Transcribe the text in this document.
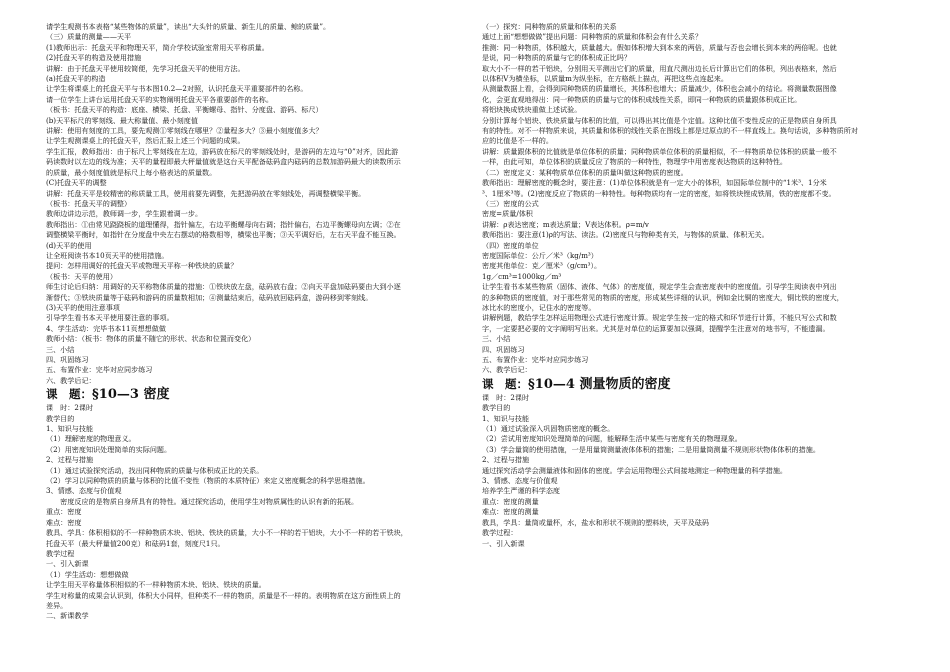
请学生观测书本表格“某些物体的质量”，读出“大头针的质量、新生儿的质量、鲸的质量”。
（三）质量的测量——天平
(1)教师出示：托盘天平和物理天平，简介学校试验室常用天平称质量。
(2)托盘天平的构造及使用措施
讲解：由于托盘天平使用较简便，先学习托盘天平的使用方法。
(a)托盘天平的构造
让学生将课桌上的托盘天平与书本图10.2—2对照，认识托盘天平重要部件的名称。
请一位学生上讲台运用托盘天平的实物阐明托盘天平各重要部件的名称。
（板书：托盘天平的构造：底座、横梁、托盘、平衡螺母、指针、分度盘、游码、标尺）
(b)天平标尺的零刻线、最大称量值、最小刻度值
讲解：使用有刻度的工具，要先观测①零刻线在哪里？②量程多大？③最小刻度值多大？
让学生观测课桌上的托盘天平，然后汇报上述三个问题的成果。
学生汇报，教师指出：由于标尺上零刻线在左边，游码放在标尺的零刻线处时，是游码的左边与“0”对齐，因此游
码读数时以左边的线为准；天平的量程即最大秤量值就是这台天平配备砝码盒内砝码的总数加游码最大的读数所示
的质量，最小刻度值就是标尺上每小格表达的质量数。
(C)托盘天平的调整
讲解：托盘天平是较精密的称质量工具，使用前要先调整，先把游码放在零刻线处，再调整横梁平衡。
（板书：托盘天平的调整）
教师边讲边示范，教师调一步，学生跟着调一步。
教师指出：①由常见跷跷板的道理懂得，指针偏左，右边平衡螺母向右调；指针偏右，右边平衡螺母向左调；②在
调整横梁平衡时，如指针在分度盘中央左右摆动的格数相等，横梁也平衡；③天平调好后，左右天平盘不能互换。
(d)天平的使用
让全班阅读书本10页天平的使用措施。
提问：怎样用调好的托盘天平或物理天平称一种铁块的质量？
（板书：天平的使用）
师生讨论后归纳：用调好的天平称物体质量的措施：①铁块放左盘，砝码放右盘；②向天平盘加砝码要由大到小逐
渐替代；③铁块质量等于砝码和游码的质量数相加；④测量结束后，砝码放回砝码盒，游码移到零刻线。
(3)天平的使用注意事项
引导学生看书本天平使用要注意的事项。
4、学生活动：完毕书本11页想想做做
教师小结：（板书：物体的质量不随它的形状、状态和位置而变化）
三、小结
四、巩固练习
五、布置作业：完毕对应同步练习
六、教学后记：
课　题：§10—3 密度
课　时：2课时
教学目的
1、知识与技能
（1）理解密度的物理意义。
（2）用密度知识处理简单的实际问题。
2、过程与措施
（1）通过试验探究活动，找出同种物质的质量与体积成正比的关系。
（2）学习以同种物质的质量与体积的比值不变性（物质的本质特征）来定义密度概念的科学思维措施。
3、情感、态度与价值观
　　密度反应的是物质自身所具有的特性。通过探究活动，使用学生对物质属性的认识有新的拓展。
重点：密度
难点：密度
教具、学具：体积相似的不一样种物质木块、铝块、铁块的质量，大小不一样的若干铝块，大小不一样的若干铁块，
托盘天平（最大秤量值200克）和砝码1套，刻度尺1只。
教学过程
一、引入新课
（1）学生活动：想想做做
让学生用天平称量体积相似的不一样种物质木块、铝块、铁块的质量。
学生对称量的成果会认识到，体积大小同样，但种类不一样的物质，质量是不一样的。表明物质在这方面性质上的
差异。
二、新课教学
（一）探究：同种物质的质量和体积的关系
通过上面“想想做做”提出问题：同种物质的质量和体积会有什么关系？
推测：同一种物质，体积越大，质量越大。假如体积增大到本来的两倍，质量与否也会增长到本来的两倍呢。也就
是说，同一种物质的质量与它的体积成正比吗？
取大小不一样的若干铝块，分别用天平测出它们的质量，用直尺测出边长后计算出它们的体积，列出表格来，然后
以体积V为横坐标，以质量m为纵坐标，在方格纸上描点，再把这些点连起来。
从测量数据上看，会得到同种物质的质量增长，其体积也增大；质量减少，体积也会减小的结论。将测量数据图像
化，会更直观地得出：同一种物质的质量与它的体积成线性关系，即同一种物质的质量跟体积成正比。
将铝块换成铁块重做上述试验。
分别计算每个铝块、铁块质量与体积的比值，可以得出其比值是个定值。这种比值不变性反应的正是物质自身所具
有的特性。对不一样物质来说，其质量和体积的线性关系在图线上都是过原点的不一样直线上。换句话说，多种物质所对
应的比值是不一样的。
讲解：质量跟体积的比值就是单位体积的质量；同种物质单位体积的质量相似，不一样物质单位体积的质量一般不
一样，由此可知，单位体积的质量反应了物质的一种特性，物理学中用密度表达物质的这种特性。
（二）密度定义：某种物质单位体积的质量叫做这种物质的密度。
教师指出：理解密度的概念时，要注意：(1)单位体积就是有一定大小的体积，如国际单位制中的“1米³、1分米
³、1厘米³等。(2)密度反应了物质的一种特性。每种物质均有一定的密度，如将铁块锉成铁屑，铁的密度都不变。
（三）密度的公式
密度=质量/体积
讲解：ρ表达密度；m表达质量；V表达体积。ρ=m/v
教师指出：要注意(1)ρ的写法、读法。(2)密度只与物种类有关，与物体的质量、体积无关。
（四）密度的单位
密度国际单位：公斤／米³（kg/m³）
密度其他单位：克／厘米³（g/cm³）。
1g／cm³=1000kg／m³
让学生看书本某些物质（固体、液体、气体）的密度值，规定学生会查密度表中的密度值。引导学生阅读表中列出
的多种物质的密度值，对于那些常见的物质的密度，形成某些详细的认识，例如金比铜的密度大，铜比铁的密度大，
冰比水的密度小，记住水的密度等。
讲解例题，教给学生怎样运用物理公式进行密度计算。规定学生按一定的格式和环节进行计算，不能只写公式和数
字，一定要把必要的文字阐明写出来。尤其是对单位的运算要加以强调，提醒学生注意对的地书写，不能遗漏。
三、小结
四、巩固练习
五、布置作业：完毕对应同步练习
六、教学后记：
课　题：§10—4 测量物质的密度
课　时：2课时
教学目的
1、知识与技能
（1）通过试验深入巩固物质密度的概念。
（2）尝试用密度知识处理简单的问题，能解释生活中某些与密度有关的物理现象。
（3）学会量筒的使用措施，一是用量筒测量液体体积的措施；二是用量筒测量不规则形状物体体积的措施。
2、过程与措施
通过探究活动学会测量液体和固体的密度。学会运用物理公式间接地测定一种物理量的科学措施。
3、情感、态度与价值观
培养学生严谨的科学态度
重点：密度的测量
难点：密度的测量
教具，学具：量筒或量杯，水，盐水和形状不规则的塑料块，天平及砝码
教学过程：
一、引入新课
